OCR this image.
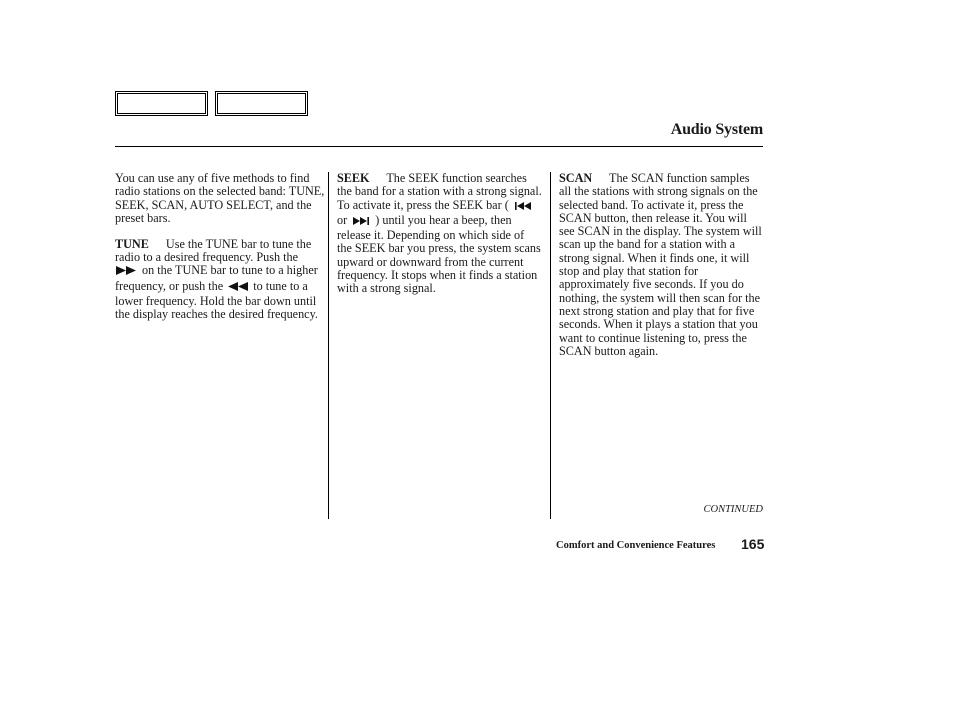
Audio System

You can use any of five methods to find radio stations on the selected band: TUNE, SEEK, SCAN, AUTO SELECT, and the preset bars.

TUNE Use the TUNE bar to tune the radio to a desired frequency. Push the  on the TUNE bar to tune to a higher frequency, or push the to tune to a lower frequency. Hold the bar down until the display reaches the desired frequency.

SEEK The SEEK function searches the band for a station with a strong signal. To activate it, press the SEEK bar (  or ) until you hear a beep, then release it. Depending on which side of the SEEK bar you press, the system scans upward or downward from the current frequency. It stops when it finds a station with a strong signal.

SCAN The SCAN function samples all the stations with strong signals on the selected band. To activate it, press the SCAN button, then release it. You will see SCAN in the display. The system will scan up the band for a station with a strong signal. When it finds one, it will stop and play that station for approximately five seconds. If you do nothing, the system will then scan for the next strong station and play that for five seconds. When it plays a station that you want to continue listening to, press the SCAN button again.

CONTINUED
Comfort and Convenience Features 165
